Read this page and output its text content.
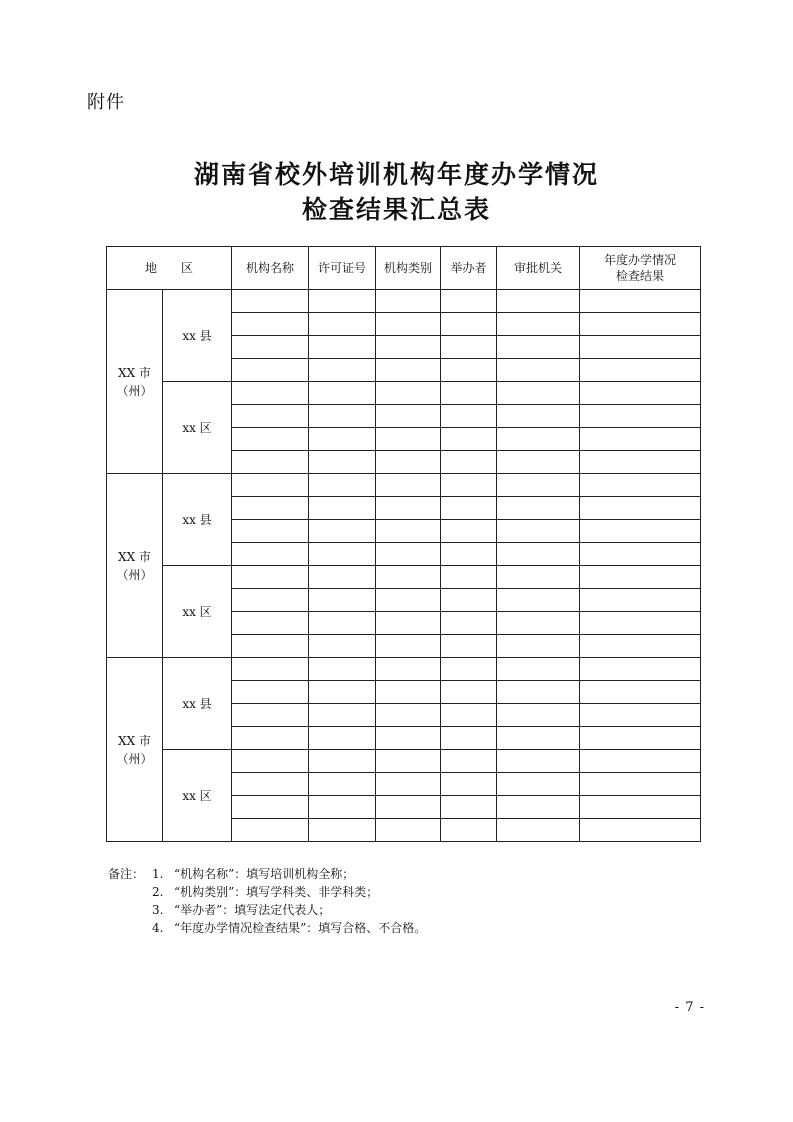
附件
湖南省校外培训机构年度办学情况
检查结果汇总表
地　　区		机构名称	许可证号	机构类别	举办者	审批机关	年度办学情况
检查结果

XX 市
（州）	xx 县						

	xx 区						

XX 市
（州）	xx 县						

	xx 区						

XX 市
（州）	xx 县						

	xx 区						

备注： 1. “机构名称”：填写培训机构全称；
2. “机构类别”：填写学科类、非学科类；
3. “举办者”：填写法定代表人；
4. “年度办学情况检查结果”：填写合格、不合格。
- 7 -
